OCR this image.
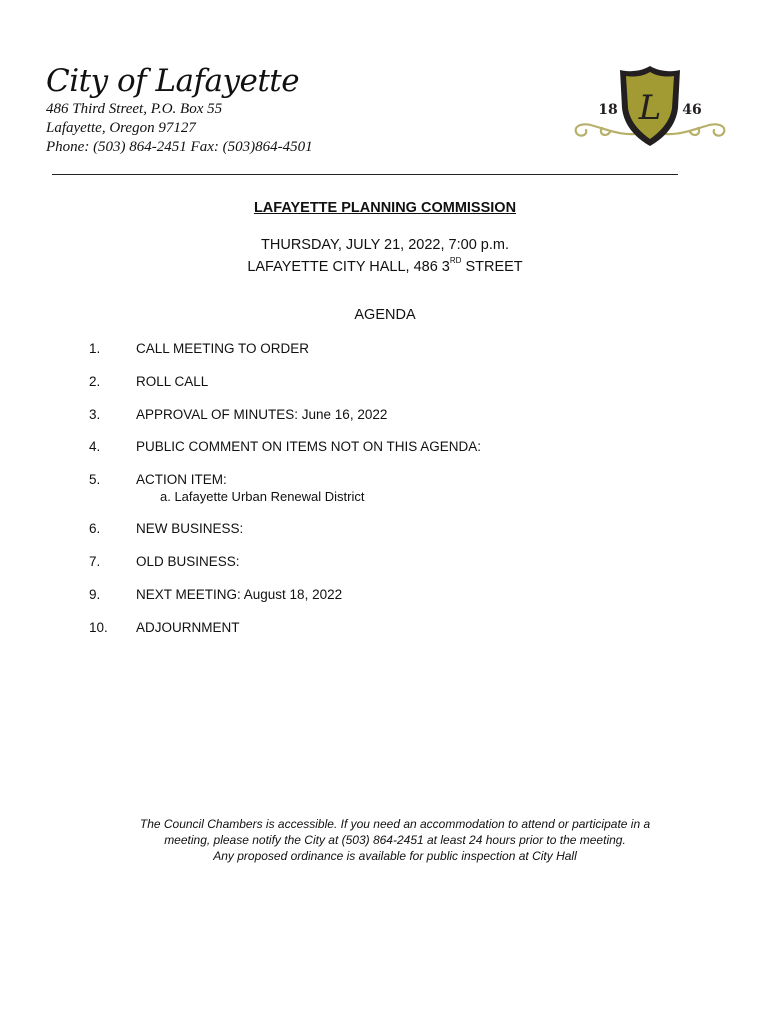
City of Lafayette
486 Third Street, P.O. Box 55
Lafayette, Oregon 97127
Phone: (503) 864-2451 Fax: (503)864-4501
L
18	46
LAFAYETTE PLANNING COMMISSION
THURSDAY, JULY 21, 2022, 7:00 p.m.
LAFAYETTE CITY HALL, 486 3RD STREET
AGENDA
1.	CALL MEETING TO ORDER
2.	ROLL CALL
3.	APPROVAL OF MINUTES: June 16, 2022
4.	PUBLIC COMMENT ON ITEMS NOT ON THIS AGENDA:
5.	ACTION ITEM:
a. Lafayette Urban Renewal District
6.	NEW BUSINESS:
7.	OLD BUSINESS:
9.	NEXT MEETING: August 18, 2022
10. ADJOURNMENT
The Council Chambers is accessible. If you need an accommodation to attend or participate in a
meeting, please notify the City at (503) 864-2451 at least 24 hours prior to the meeting.
Any proposed ordinance is available for public inspection at City Hall
